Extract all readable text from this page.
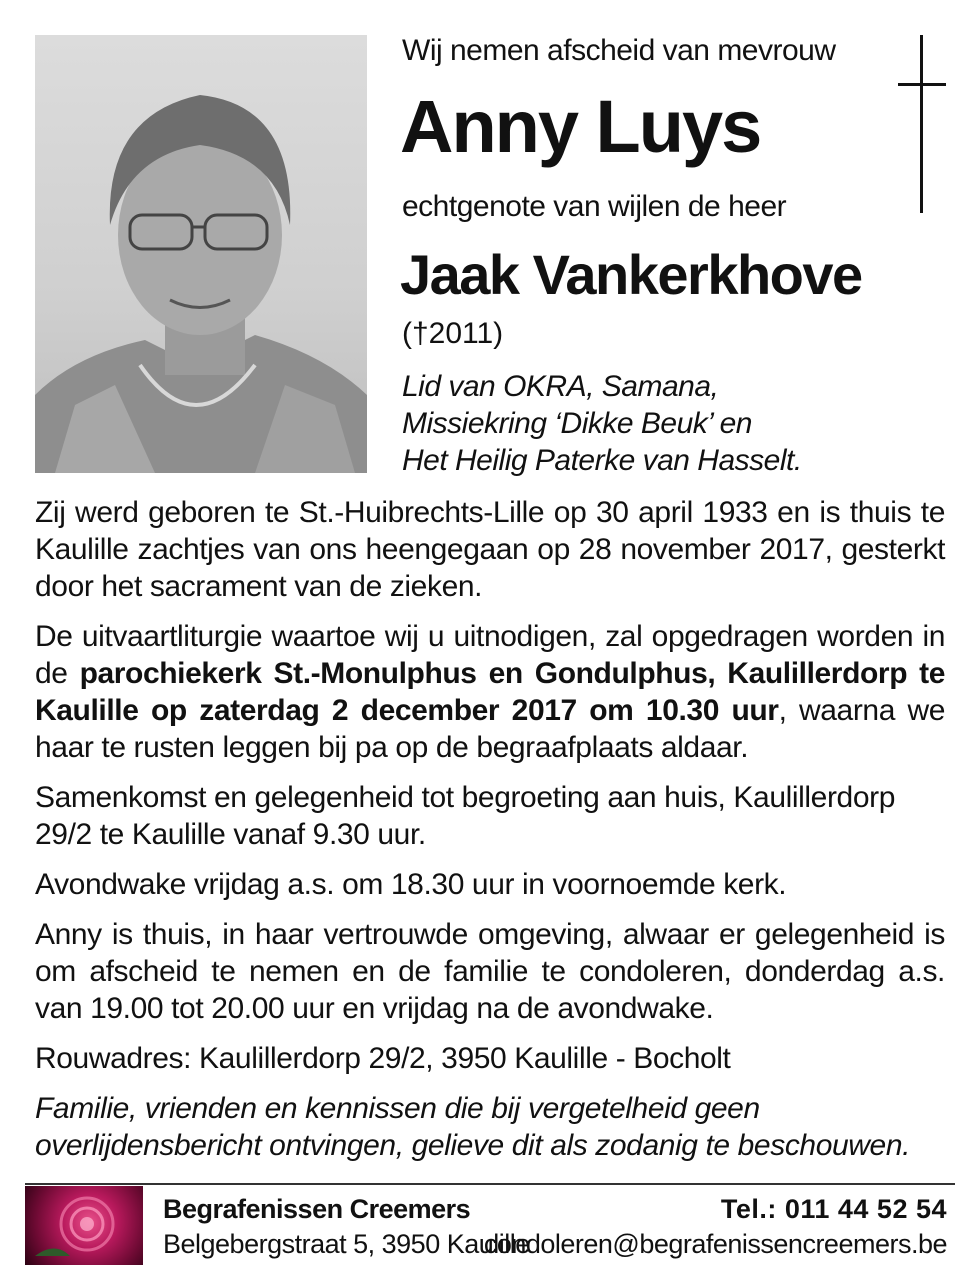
Wij nemen afscheid van mevrouw
Anny Luys
echtgenote van wijlen de heer
Jaak Vankerkhove
(†2011)
Lid van OKRA, Samana,
Missiekring ‘Dikke Beuk’ en
Het Heilig Paterke van Hasselt.

Zij werd geboren te St.-Huibrechts-Lille op 30 april 1933 en is thuis te Kaulille zachtjes van ons heengegaan op 28 november 2017, gesterkt door het sacrament van de zieken.

De uitvaartliturgie waartoe wij u uitnodigen, zal opgedragen worden in de parochiekerk St.-Monulphus en Gondulphus, Kaulillerdorp te Kaulille op zaterdag 2 december 2017 om 10.30 uur, waarna we haar te rusten leggen bij pa op de begraafplaats aldaar.

Samenkomst en gelegenheid tot begroeting aan huis, Kaulillerdorp 29/2 te Kaulille vanaf 9.30 uur.

Avondwake vrijdag a.s. om 18.30 uur in voornoemde kerk.

Anny is thuis, in haar vertrouwde omgeving, alwaar er gelegenheid is om afscheid te nemen en de familie te condoleren, donderdag a.s. van 19.00 tot 20.00 uur en vrijdag na de avondwake.

Rouwadres: Kaulillerdorp 29/2, 3950 Kaulille - Bocholt

Familie, vrienden en kennissen die bij vergetelheid geen overlijdensbericht ontvingen, gelieve dit als zodanig te beschouwen.

Begrafenissen Creemers	Tel.: 011 44 52 54
Belgebergstraat 5, 3950 Kaulille
condoleren@begrafenissencreemers.be
